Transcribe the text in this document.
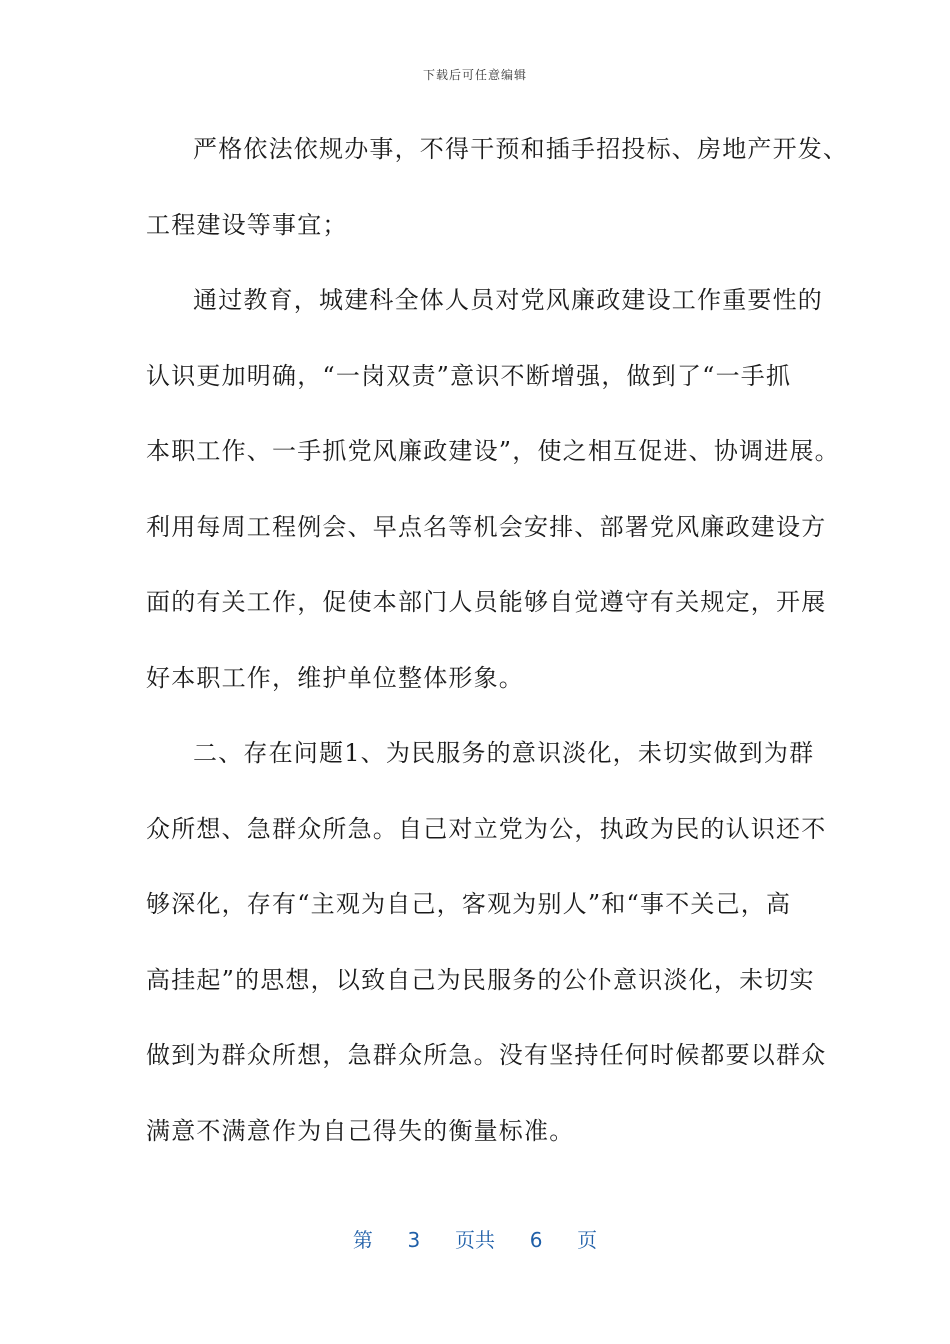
下载后可任意编辑
严格依法依规办事，不得干预和插手招投标、房地产开发、
工程建设等事宜；
通过教育，城建科全体人员对党风廉政建设工作重要性的
认识更加明确，“一岗双责”意识不断增强，做到了“一手抓
本职工作、一手抓党风廉政建设”，使之相互促进、协调进展。
利用每周工程例会、早点名等机会安排、部署党风廉政建设方
面的有关工作，促使本部门人员能够自觉遵守有关规定，开展
好本职工作，维护单位整体形象。
二、存在问题1、为民服务的意识淡化，未切实做到为群
众所想、急群众所急。自己对立党为公，执政为民的认识还不
够深化，存有“主观为自己，客观为别人”和“事不关己，高
高挂起”的思想，以致自己为民服务的公仆意识淡化，未切实
做到为群众所想，急群众所急。没有坚持任何时候都要以群众
满意不满意作为自己得失的衡量标准。
第 3 页共 6 页
